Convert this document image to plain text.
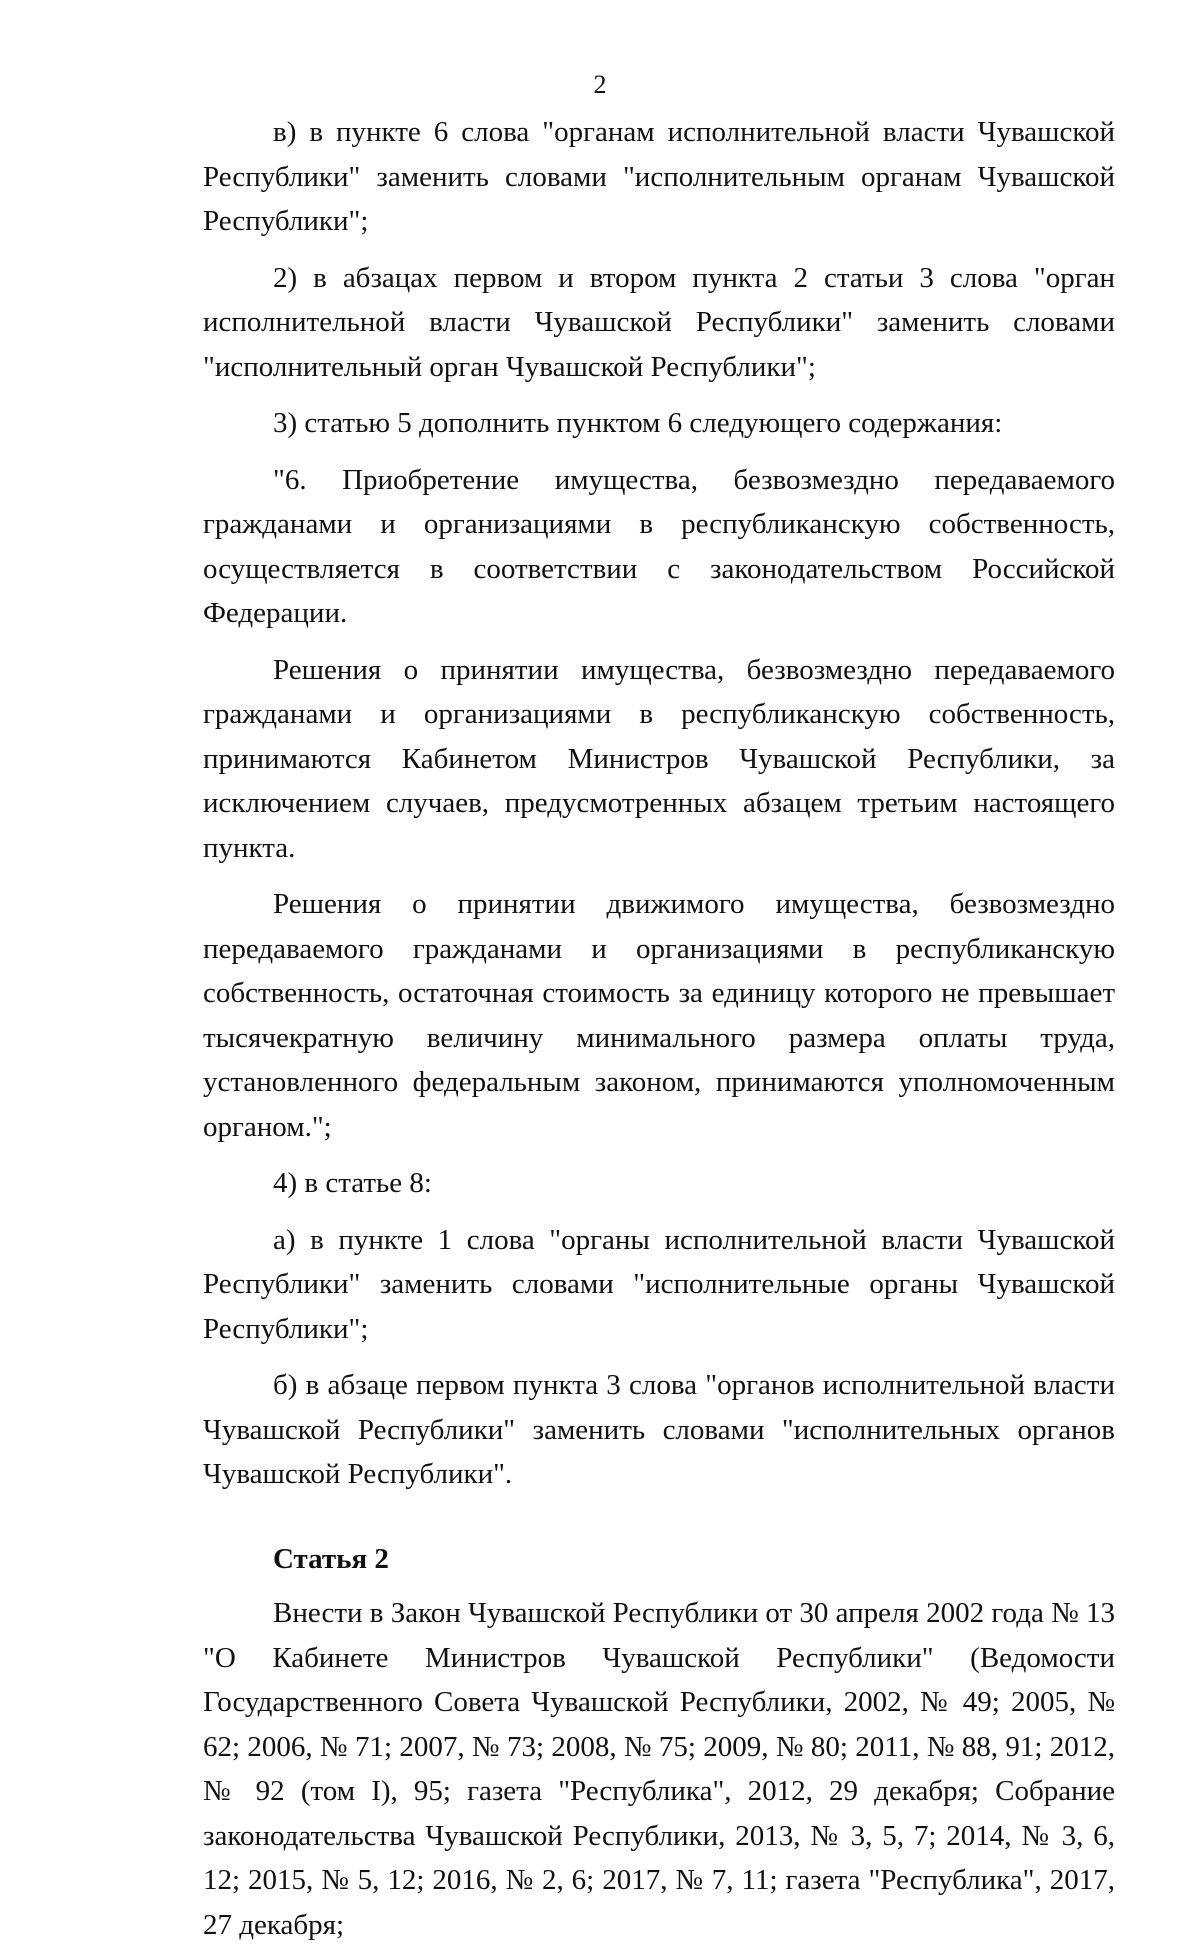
2

в) в пункте 6 слова "органам исполнительной власти Чувашской Республики" заменить словами "исполнительным органам Чувашской Республики";

2) в абзацах первом и втором пункта 2 статьи 3 слова "орган исполнительной власти Чувашской Республики" заменить словами "исполнительный орган Чувашской Республики";

3) статью 5 дополнить пунктом 6 следующего содержания:

"6. Приобретение имущества, безвозмездно передаваемого гражданами и организациями в республиканскую собственность, осуществляется в соответствии с законодательством Российской Федерации.

Решения о принятии имущества, безвозмездно передаваемого гражданами и организациями в республиканскую собственность, принимаются Кабинетом Министров Чувашской Республики, за исключением случаев, предусмотренных абзацем третьим настоящего пункта.

Решения о принятии движимого имущества, безвозмездно передаваемого гражданами и организациями в республиканскую собственность, остаточная стоимость за единицу которого не превышает тысячекратную величину минимального размера оплаты труда, установленного федеральным законом, принимаются уполномоченным органом.";

4) в статье 8:

а) в пункте 1 слова "органы исполнительной власти Чувашской Республики" заменить словами "исполнительные органы Чувашской Республики";

б) в абзаце первом пункта 3 слова "органов исполнительной власти Чувашской Республики" заменить словами "исполнительных органов Чувашской Республики".

Статья 2

Внести в Закон Чувашской Республики от 30 апреля 2002 года № 13 "О Кабинете Министров Чувашской Республики" (Ведомости Государственного Совета Чувашской Республики, 2002, № 49; 2005, № 62; 2006, № 71; 2007, № 73; 2008, № 75; 2009, № 80; 2011, № 88, 91; 2012, № 92 (том I), 95; газета "Республика", 2012, 29 декабря; Собрание законодательства Чувашской Республики, 2013, № 3, 5, 7; 2014, № 3, 6, 12; 2015, № 5, 12; 2016, № 2, 6; 2017, № 7, 11; газета "Республика", 2017, 27 декабря;
